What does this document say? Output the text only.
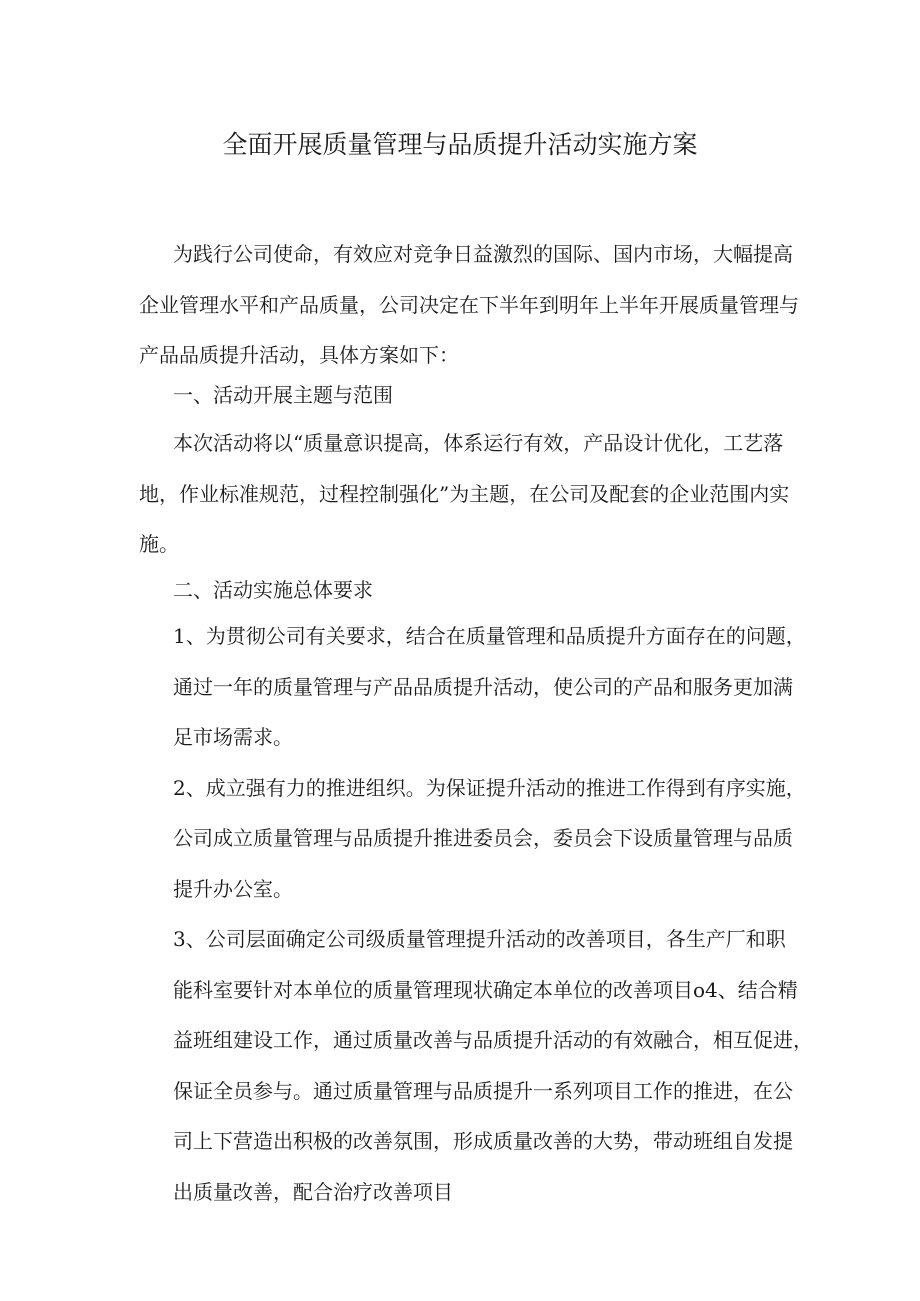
全面开展质量管理与品质提升活动实施方案
为践行公司使命，有效应对竞争日益激烈的国际、国内市场，大幅提高
企业管理水平和产品质量，公司决定在下半年到明年上半年开展质量管理与
产品品质提升活动，具体方案如下：
一、活动开展主题与范围
本次活动将以“质量意识提高，体系运行有效，产品设计优化，工艺落
地，作业标准规范，过程控制强化”为主题，在公司及配套的企业范围内实
施。
二、活动实施总体要求
1、为贯彻公司有关要求，结合在质量管理和品质提升方面存在的问题，
通过一年的质量管理与产品品质提升活动，使公司的产品和服务更加满
足市场需求。
2、成立强有力的推进组织。为保证提升活动的推进工作得到有序实施，
公司成立质量管理与品质提升推进委员会，委员会下设质量管理与品质
提升办公室。
3、公司层面确定公司级质量管理提升活动的改善项目，各生产厂和职
能科室要针对本单位的质量管理现状确定本单位的改善项目o4、结合精
益班组建设工作，通过质量改善与品质提升活动的有效融合，相互促进，
保证全员参与。通过质量管理与品质提升一系列项目工作的推进，在公
司上下营造出积极的改善氛围，形成质量改善的大势，带动班组自发提
出质量改善，配合治疗改善项目
